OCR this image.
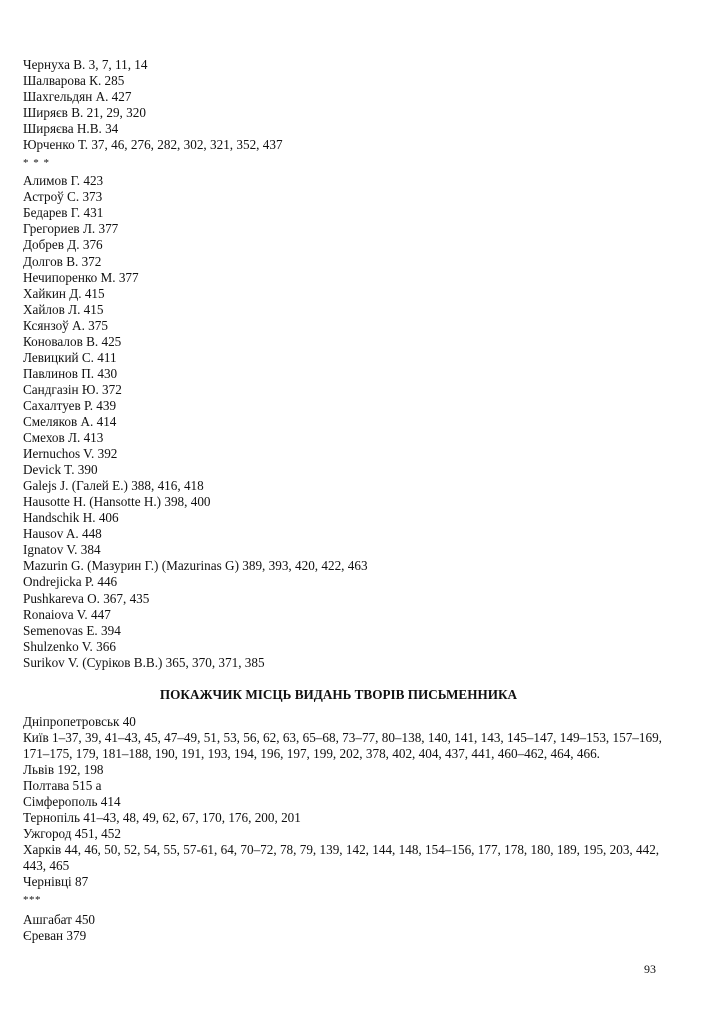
Чернуха В. 3, 7, 11, 14
Шалварова К. 285
Шахгельдян А. 427
Ширяєв В. 21, 29, 320
Ширяєва Н.В. 34
Юрченко Т. 37, 46, 276, 282, 302, 321, 352, 437
* * *
Алимов Г. 423
Астроў С. 373
Бедарев Г. 431
Грегориев Л. 377
Добрев Д. 376
Долгов В. 372
Нечипоренко М. 377
Хайкин Д. 415
Хайлов Л. 415
Ксянзоў А. 375
Коновалов В. 425
Левицкий С. 411
Павлинов П. 430
Сандгазін Ю. 372
Сахалтуев Р. 439
Смеляков А. 414
Смехов Л. 413
Иernuchos V. 392
Devick T. 390
Galejs J. (Галей Е.) 388, 416, 418
Hausotte H. (Hansotte H.) 398, 400
Handschik H. 406
Hausov A. 448
Ignatov V. 384
Mazurin G. (Мазурин Г.) (Mazurinas G) 389, 393, 420, 422, 463
Ondrejicka P. 446
Pushkareva O. 367, 435
Ronaiova V. 447
Semenovas E. 394
Shulzenko V. 366
Surikov V. (Суріков В.В.) 365, 370, 371, 385
ПОКАЖЧИК МІСЦЬ ВИДАНЬ ТВОРІВ ПИСЬМЕННИКА
Дніпропетровськ 40
Київ 1–37, 39, 41–43, 45, 47–49, 51, 53, 56, 62, 63, 65–68, 73–77, 80–138, 140, 141, 143, 145–147, 149–153, 157–169, 171–175, 179, 181–188, 190, 191, 193, 194, 196, 197, 199, 202, 378, 402, 404, 437, 441, 460–462, 464, 466.
Львів 192, 198
Полтава 515 а
Сімферополь 414
Тернопіль 41–43, 48, 49, 62, 67, 170, 176, 200, 201
Ужгород 451, 452
Харків 44, 46, 50, 52, 54, 55, 57-61, 64, 70–72, 78, 79, 139, 142, 144, 148, 154–156, 177, 178, 180, 189, 195, 203, 442, 443, 465
Чернівці 87
***
Ашгабат 450
Єреван 379
93
